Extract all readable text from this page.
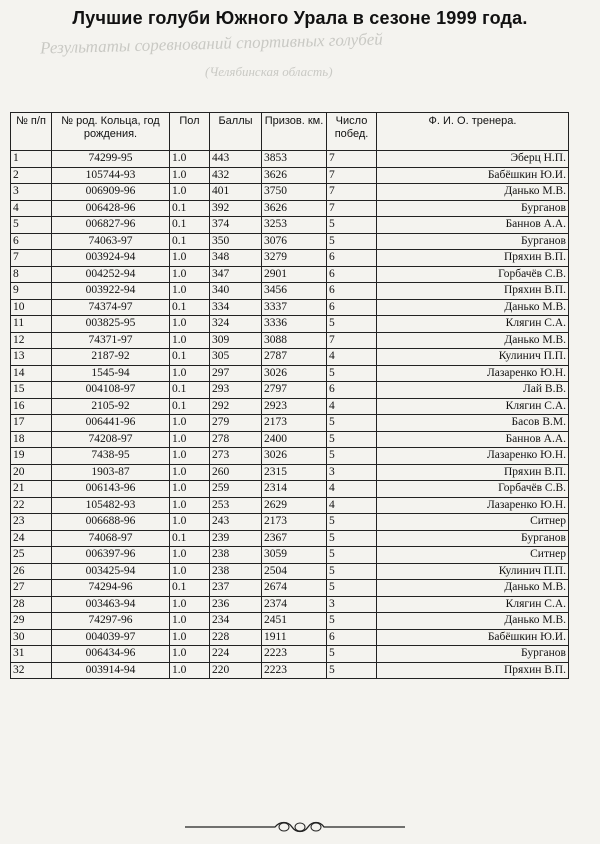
Результаты соревнований спортивных голубей
(Челябинская область)
Лучшие голуби Южного Урала в сезоне 1999 года.
№ п/п	№ род. Кольца, год рождения.	Пол	Баллы	Призов. км.	Число побед.	Ф. И. О. тренера.
1	74299-95	1.0	443	3853	7	Эберц Н.П.
2	105744-93	1.0	432	3626	7	Бабёшкин Ю.И.
3	006909-96	1.0	401	3750	7	Данько М.В.
4	006428-96	0.1	392	3626	7	Бурганов
5	006827-96	0.1	374	3253	5	Баннов А.А.
6	74063-97	0.1	350	3076	5	Бурганов
7	003924-94	1.0	348	3279	6	Пряхин В.П.
8	004252-94	1.0	347	2901	6	Горбачёв С.В.
9	003922-94	1.0	340	3456	6	Пряхин В.П.
10	74374-97	0.1	334	3337	6	Данько М.В.
11	003825-95	1.0	324	3336	5	Клягин С.А.
12	74371-97	1.0	309	3088	7	Данько М.В.
13	2187-92	0.1	305	2787	4	Кулинич П.П.
14	1545-94	1.0	297	3026	5	Лазаренко Ю.Н.
15	004108-97	0.1	293	2797	6	Лай В.В.
16	2105-92	0.1	292	2923	4	Клягин С.А.
17	006441-96	1.0	279	2173	5	Басов В.М.
18	74208-97	1.0	278	2400	5	Баннов А.А.
19	7438-95	1.0	273	3026	5	Лазаренко Ю.Н.
20	1903-87	1.0	260	2315	3	Пряхин В.П.
21	006143-96	1.0	259	2314	4	Горбачёв С.В.
22	105482-93	1.0	253	2629	4	Лазаренко Ю.Н.
23	006688-96	1.0	243	2173	5	Ситнер
24	74068-97	0.1	239	2367	5	Бурганов
25	006397-96	1.0	238	3059	5	Ситнер
26	003425-94	1.0	238	2504	5	Кулинич П.П.
27	74294-96	0.1	237	2674	5	Данько М.В.
28	003463-94	1.0	236	2374	3	Клягин С.А.
29	74297-96	1.0	234	2451	5	Данько М.В.
30	004039-97	1.0	228	1911	6	Бабёшкин Ю.И.
31	006434-96	1.0	224	2223	5	Бурганов
32	003914-94	1.0	220	2223	5	Пряхин В.П.
